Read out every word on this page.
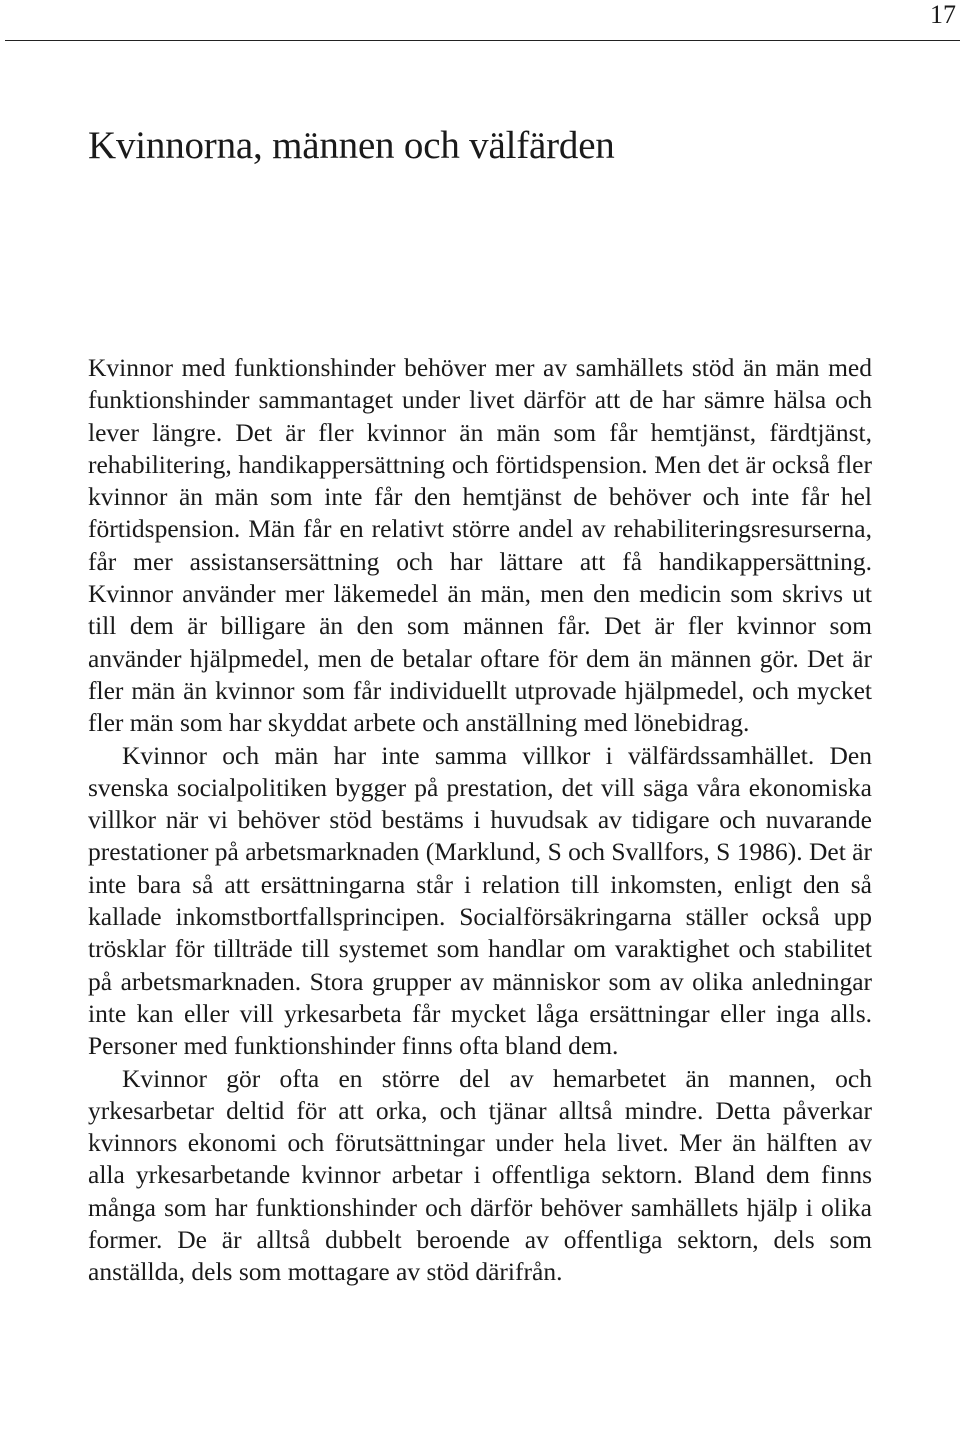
17
Kvinnorna, männen och välfärden

Kvinnor med funktionshinder behöver mer av samhällets stöd än män med funktionshinder sammantaget under livet därför att de har sämre hälsa och lever längre. Det är fler kvinnor än män som får hemtjänst, färdtjänst, rehabilitering, handikappersättning och förtidspension. Men det är också fler kvinnor än män som inte får den hemtjänst de behöver och inte får hel förtidspension. Män får en relativt större andel av rehabiliteringsresurserna, får mer assistansersättning och har lättare att få handikappersättning. Kvinnor använder mer läkemedel än män, men den medicin som skrivs ut till dem är billigare än den som männen får. Det är fler kvinnor som använder hjälpmedel, men de betalar oftare för dem än männen gör. Det är fler män än kvinnor som får individuellt utprovade hjälpmedel, och mycket fler män som har skyddat arbete och anställning med lönebidrag.

Kvinnor och män har inte samma villkor i välfärdssamhället. Den svenska socialpolitiken bygger på prestation, det vill säga våra ekonomiska villkor när vi behöver stöd bestäms i huvudsak av tidigare och nuvarande prestationer på arbetsmarknaden (Marklund, S och Svallfors, S 1986). Det är inte bara så att ersättningarna står i relation till inkomsten, enligt den så kallade inkomstbortfallsprincipen. Socialförsäkringarna ställer också upp trösklar för tillträde till systemet som handlar om varaktighet och stabilitet på arbetsmarknaden. Stora grupper av människor som av olika anledningar inte kan eller vill yrkesarbeta får mycket låga ersättningar eller inga alls. Personer med funktionshinder finns ofta bland dem.

Kvinnor gör ofta en större del av hemarbetet än mannen, och yrkesarbetar deltid för att orka, och tjänar alltså mindre. Detta påverkar kvinnors ekonomi och förutsättningar under hela livet. Mer än hälften av alla yrkesarbetande kvinnor arbetar i offentliga sektorn. Bland dem finns många som har funktionshinder och därför behöver samhällets hjälp i olika former. De är alltså dubbelt beroende av offentliga sektorn, dels som anställda, dels som mottagare av stöd därifrån.
